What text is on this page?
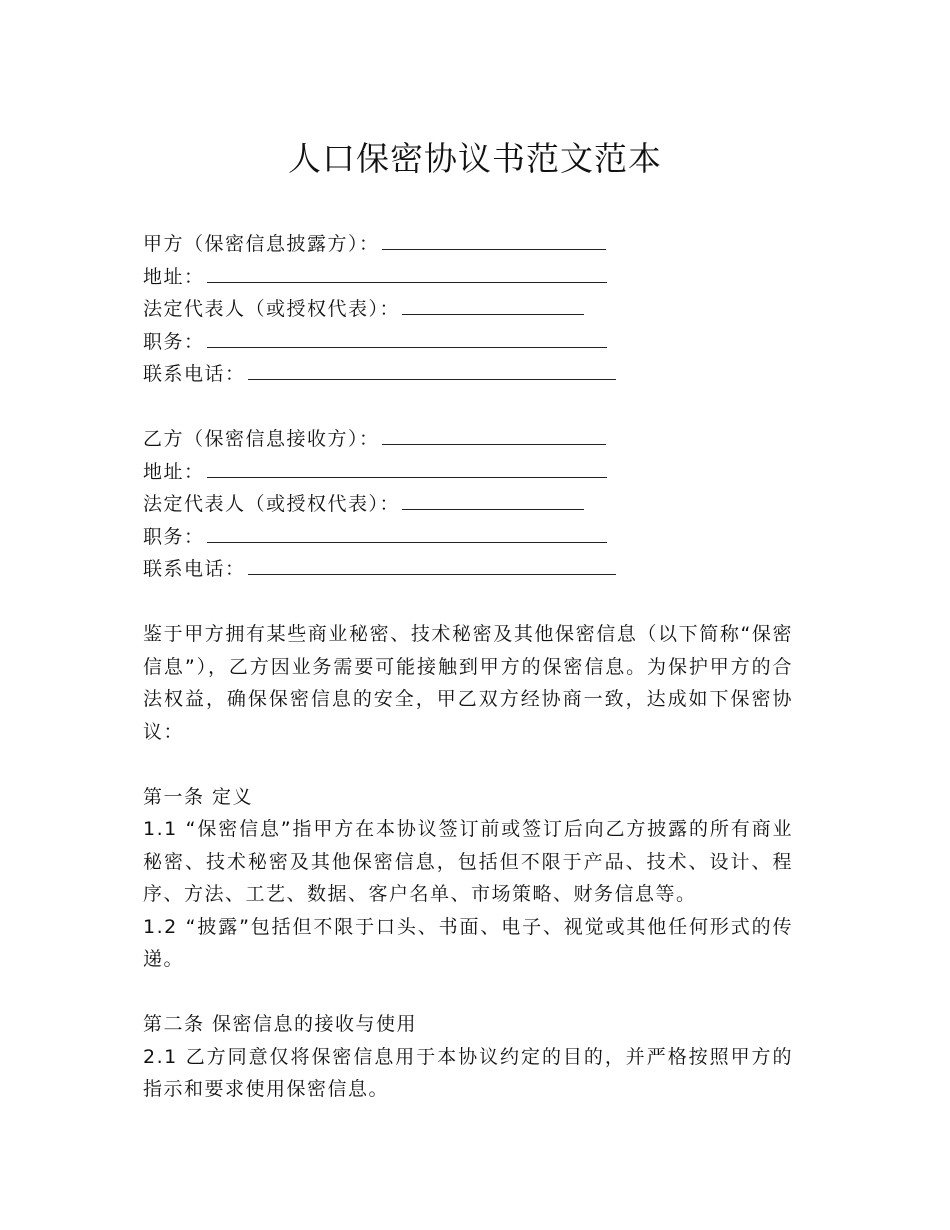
人口保密协议书范文范本
甲方（保密信息披露方）：
地址：
法定代表人（或授权代表）：
职务：
联系电话：
乙方（保密信息接收方）：
地址：
法定代表人（或授权代表）：
职务：
联系电话：

鉴于甲方拥有某些商业秘密、技术秘密及其他保密信息（以下简称“保密信息”），乙方因业务需要可能接触到甲方的保密信息。为保护甲方的合法权益，确保保密信息的安全，甲乙双方经协商一致，达成如下保密协议：

第一条 定义

1.1 “保密信息”指甲方在本协议签订前或签订后向乙方披露的所有商业秘密、技术秘密及其他保密信息，包括但不限于产品、技术、设计、程序、方法、工艺、数据、客户名单、市场策略、财务信息等。

1.2 “披露”包括但不限于口头、书面、电子、视觉或其他任何形式的传递。

第二条 保密信息的接收与使用

2.1 乙方同意仅将保密信息用于本协议约定的目的，并严格按照甲方的指示和要求使用保密信息。
